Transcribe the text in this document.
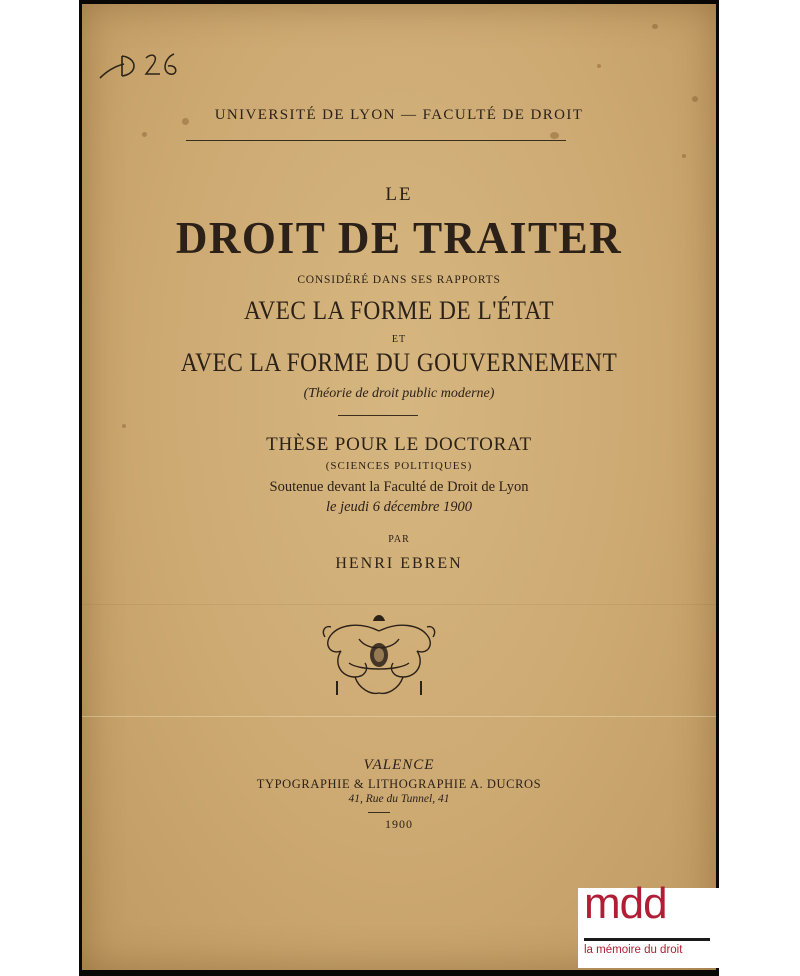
UNIVERSITÉ DE LYON — FACULTÉ DE DROIT
LE
DROIT DE TRAITER
CONSIDÉRÉ DANS SES RAPPORTS
AVEC LA FORME DE L'ÉTAT
ET
AVEC LA FORME DU GOUVERNEMENT
(Théorie de droit public moderne)
THÈSE POUR LE DOCTORAT
(SCIENCES POLITIQUES)
Soutenue devant la Faculté de Droit de Lyon
le jeudi 6 décembre 1900
PAR
HENRI EBREN
VALENCE
TYPOGRAPHIE & LITHOGRAPHIE A. DUCROS
41, Rue du Tunnel, 41
1900
mdd
la mémoire du droit
